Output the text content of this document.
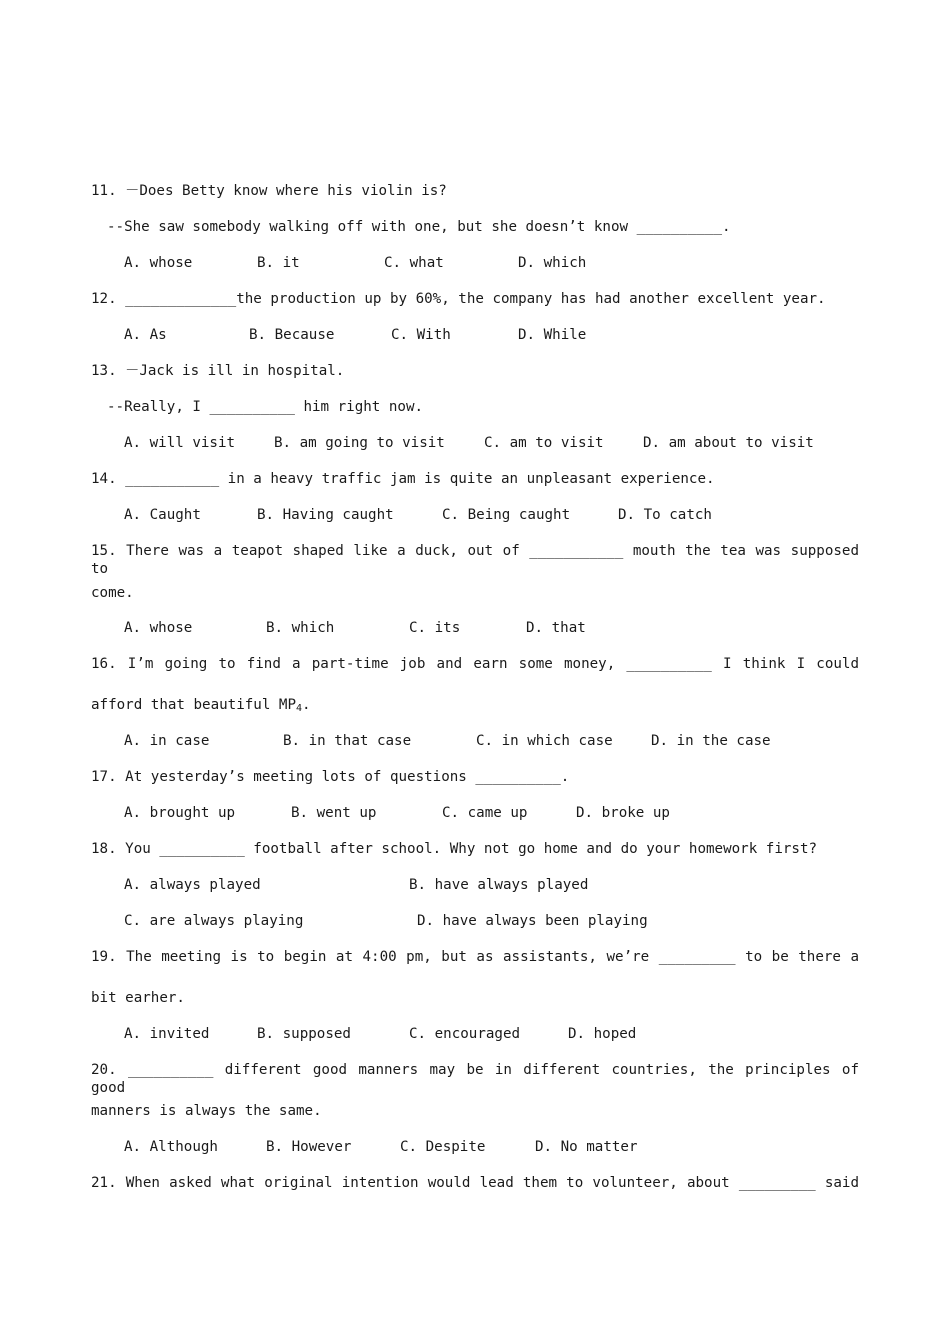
11. －Does Betty know where his violin is?
--She saw somebody walking off with one, but she doesn’t know __________.
A. whose	B. it	C. what	D. which
12. _____________the production up by 60%, the company has had another excellent year.
A. As	B. Because	C. With	D. While
13. －Jack is ill in hospital.
--Really, I __________ him right now.
A. will visit	B. am going to visit	C. am to visit	D. am about to visit
14. ___________ in a heavy traffic jam is quite an unpleasant experience.
A. Caught	B. Having caught	C. Being caught	D. To catch
15. There was a teapot shaped like a duck, out of ___________ mouth the tea was supposed to
come.
A. whose	B. which	C. its	D. that
16. I’m going to find a part-time job and earn some money, __________ I think I could
afford that beautiful $MP_4$.
A. in case	B. in that case	C. in which case	D. in the case
17. At yesterday’s meeting lots of questions __________.
A. brought up	B. went up	C. came up	D. broke up
18. You __________ football after school. Why not go home and do your homework first?
A. always played	B. have always played
C. are always playing	D. have always been playing
19. The meeting is to begin at 4:00 pm, but as assistants, we’re _________ to be there a
bit earher.
A. invited	B. supposed	C. encouraged	D. hoped
20. __________ different good manners may be in different countries, the principles of good
manners is always the same.
A. Although	B. However	C. Despite	D. No matter
21. When asked what original intention would lead them to volunteer, about _________ said
